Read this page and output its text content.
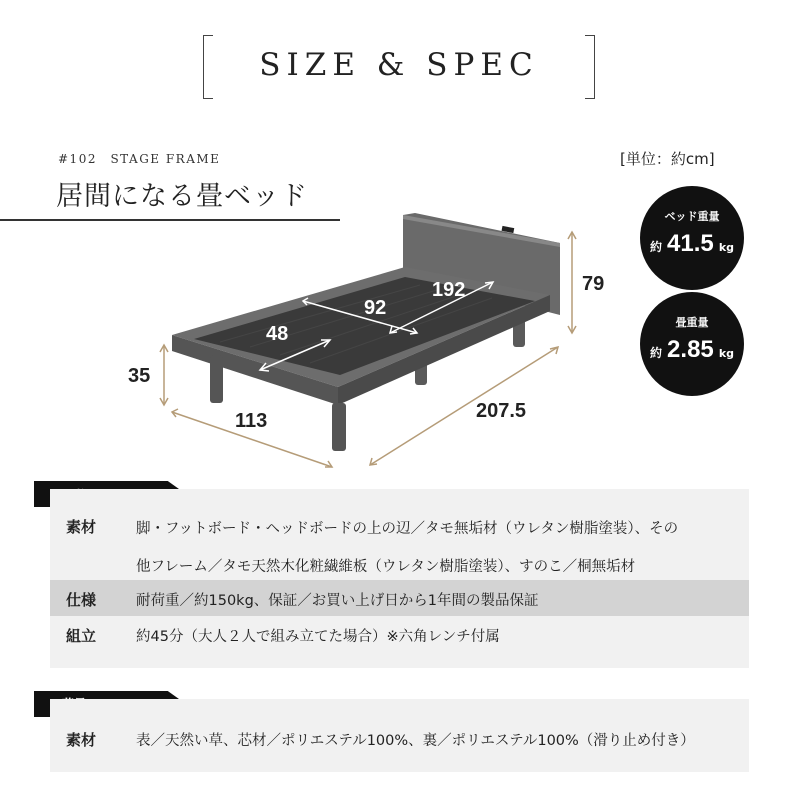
SIZE & SPEC
#102　STAGE FRAME	[単位：約cm]
居間になる畳ベッド
ベッド重量
約 41.5 kg
畳重量
約 2.85 kg
48
92
192	79
35
113	207.5
素材	脚・フットボード・ヘッドボードの上の辺／タモ無垢材（ウレタン樹脂塗装）、その
他フレーム／タモ天然木化粧繊維板（ウレタン樹脂塗装）、すのこ／桐無垢材
仕様	耐荷重／約150kg、保証／お買い上げ日から1年間の製品保証
組立	約45分（大人２人で組み立てた場合）※六角レンチ付属
素材	表／天然い草、芯材／ポリエステル100%、裏／ポリエステル100%（滑り止め付き）
